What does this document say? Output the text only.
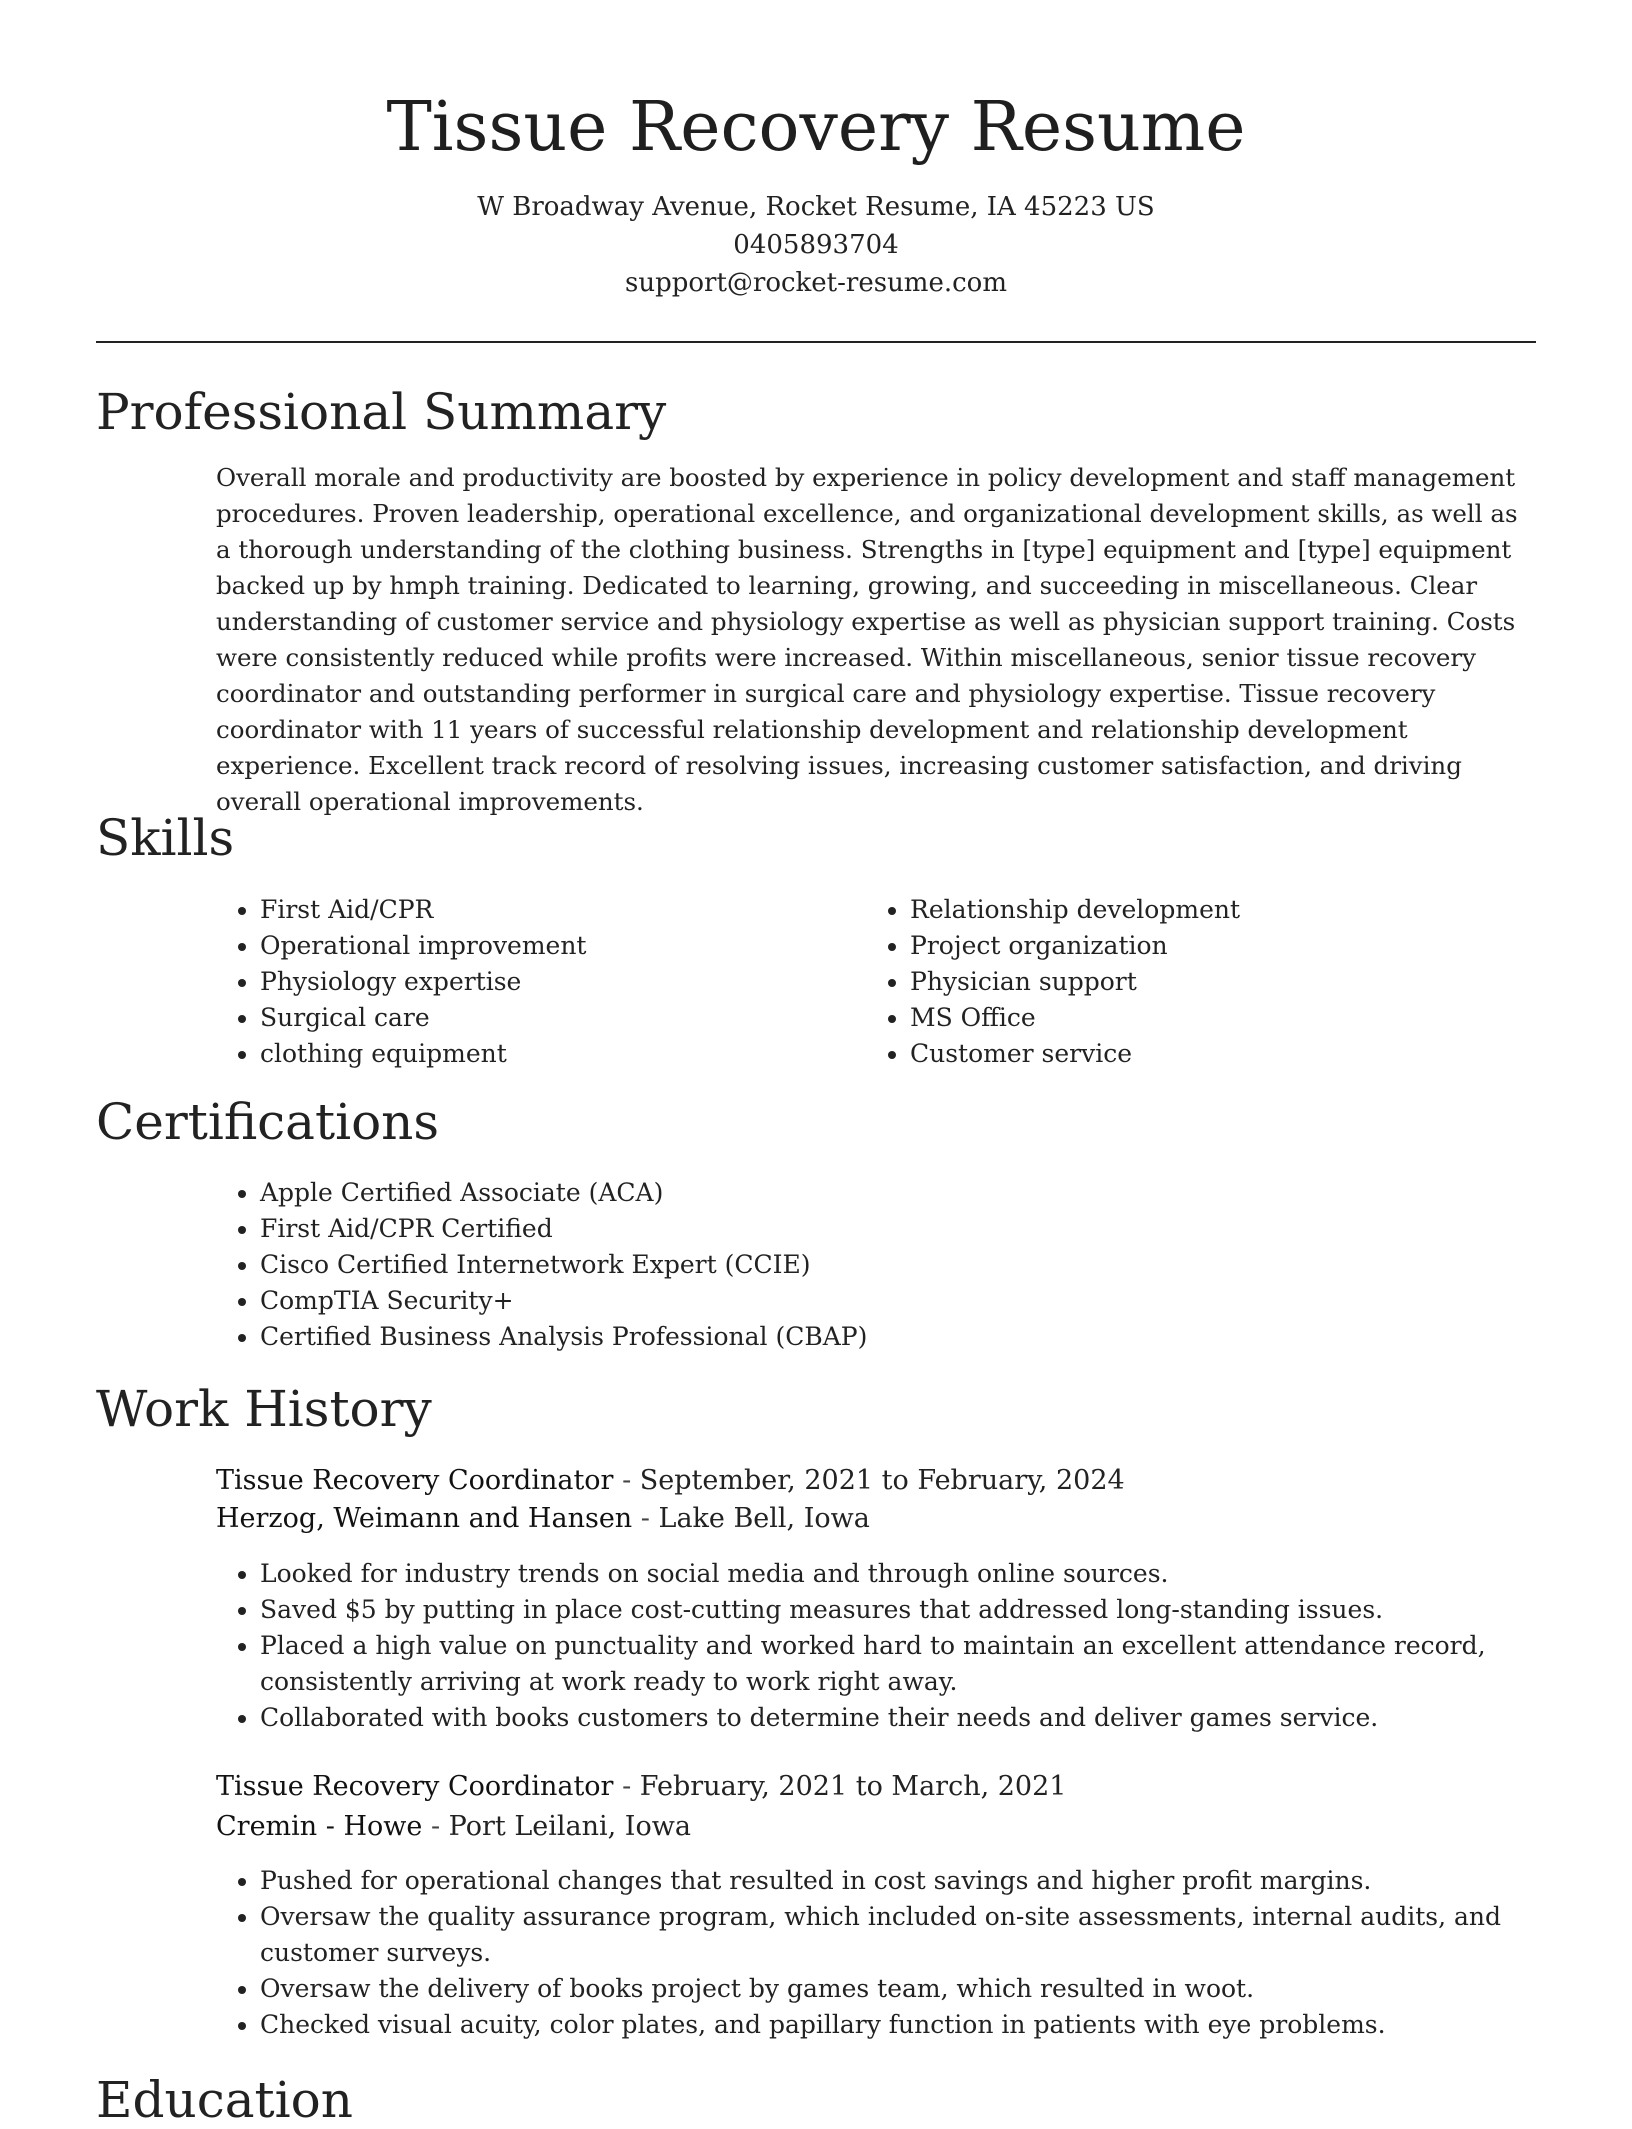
Tissue Recovery Resume
W Broadway Avenue, Rocket Resume, IA 45223 US
0405893704
support@rocket-resume.com
Professional Summary

Overall morale and productivity are boosted by experience in policy development and staff management procedures. Proven leadership, operational excellence, and organizational development skills, as well as a thorough understanding of the clothing business. Strengths in [type] equipment and [type] equipment backed up by hmph training. Dedicated to learning, growing, and succeeding in miscellaneous. Clear understanding of customer service and physiology expertise as well as physician support training. Costs were consistently reduced while profits were increased. Within miscellaneous, senior tissue recovery coordinator and outstanding performer in surgical care and physiology expertise. Tissue recovery coordinator with 11 years of successful relationship development and relationship development experience. Excellent track record of resolving issues, increasing customer satisfaction, and driving overall operational improvements.

Skills
• First Aid/CPR
• Operational improvement
• Physiology expertise
• Surgical care
• clothing equipment
• Relationship development
• Project organization
• Physician support
• MS Office
• Customer service
Certifications
• Apple Certified Associate (ACA)
• First Aid/CPR Certified
• Cisco Certified Internetwork Expert (CCIE)
• CompTIA Security+
• Certified Business Analysis Professional (CBAP)
Work History
Tissue Recovery Coordinator - September, 2021 to February, 2024
Herzog, Weimann and Hansen - Lake Bell, Iowa
• Looked for industry trends on social media and through online sources.
• Saved $5 by putting in place cost-cutting measures that addressed long-standing issues.
• Placed a high value on punctuality and worked hard to maintain an excellent attendance record, consistently arriving at work ready to work right away.
• Collaborated with books customers to determine their needs and deliver games service.
Tissue Recovery Coordinator - February, 2021 to March, 2021
Cremin - Howe - Port Leilani, Iowa
• Pushed for operational changes that resulted in cost savings and higher profit margins.
• Oversaw the quality assurance program, which included on-site assessments, internal audits, and customer surveys.
• Oversaw the delivery of books project by games team, which resulted in woot.
• Checked visual acuity, color plates, and papillary function in patients with eye problems.
Education
